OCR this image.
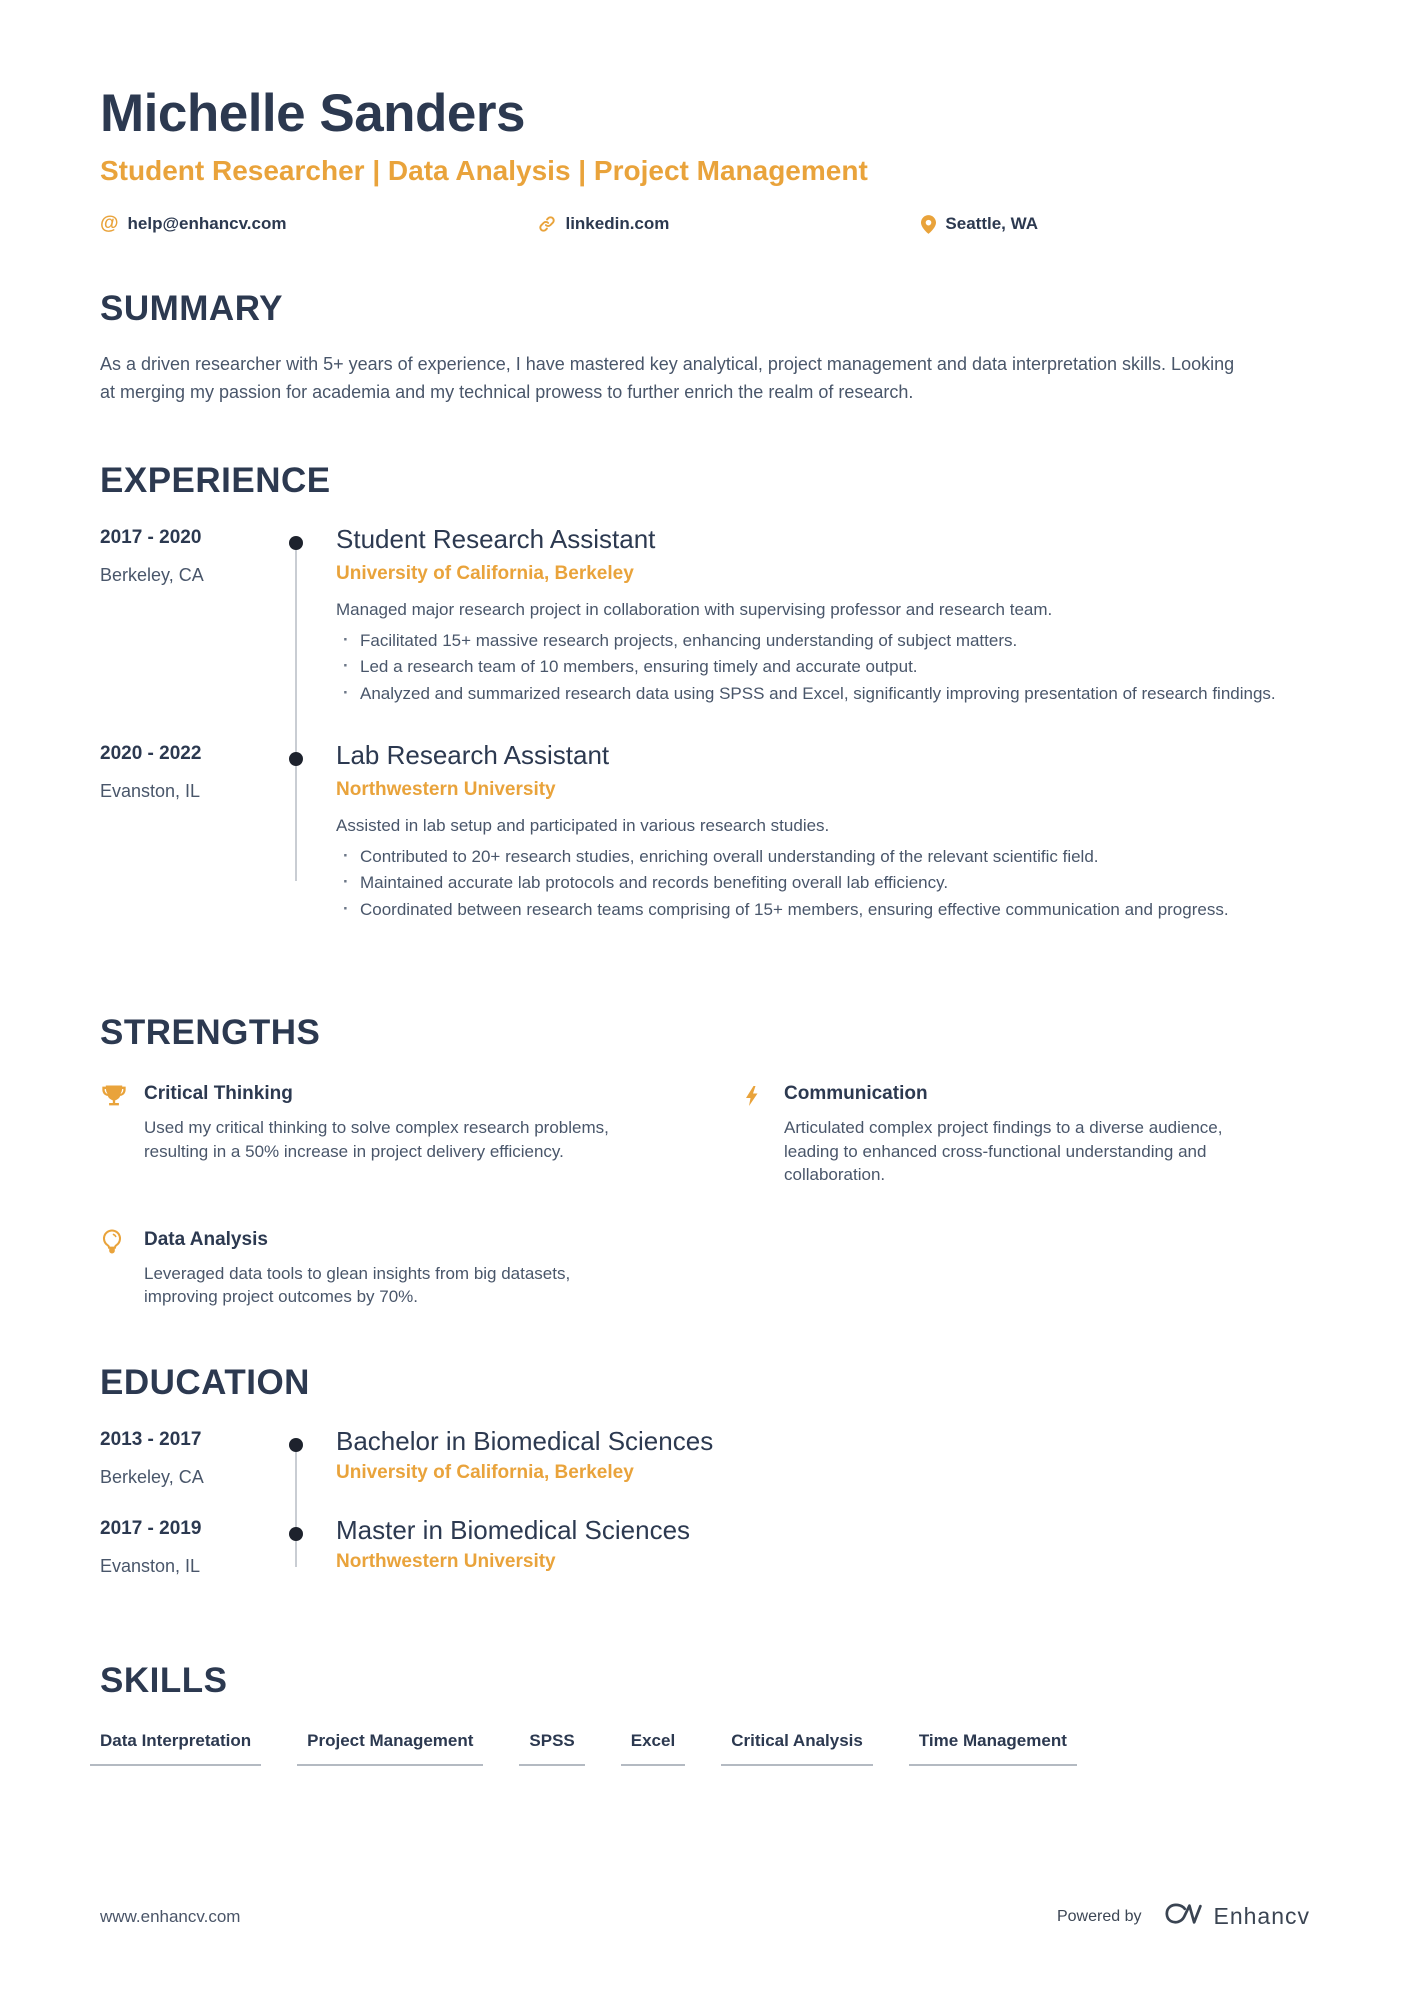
Michelle Sanders
Student Researcher | Data Analysis | Project Management
@ help@enhancv.com	linkedin.com	Seattle, WA
SUMMARY

As a driven researcher with 5+ years of experience, I have mastered key analytical, project management and data interpretation skills. Looking at merging my passion for academia and my technical prowess to further enrich the realm of research.

EXPERIENCE
2017 - 2020
Berkeley, CA
Student Research Assistant
University of California, Berkeley
Managed major research project in collaboration with supervising professor and research team.
· Facilitated 15+ massive research projects, enhancing understanding of subject matters.
· Led a research team of 10 members, ensuring timely and accurate output.
· Analyzed and summarized research data using SPSS and Excel, significantly improving presentation of research findings.
2020 - 2022
Evanston, IL
Lab Research Assistant
Northwestern University
Assisted in lab setup and participated in various research studies.
· Contributed to 20+ research studies, enriching overall understanding of the relevant scientific field.
· Maintained accurate lab protocols and records benefiting overall lab efficiency.
· Coordinated between research teams comprising of 15+ members, ensuring effective communication and progress.
STRENGTHS
Critical Thinking
Used my critical thinking to solve complex research problems, resulting in a 50% increase in project delivery efficiency.
Communication
Articulated complex project findings to a diverse audience, leading to enhanced cross-functional understanding and collaboration.
Data Analysis
Leveraged data tools to glean insights from big datasets, improving project outcomes by 70%.
EDUCATION
2013 - 2017
Berkeley, CA
Bachelor in Biomedical Sciences
University of California, Berkeley
2017 - 2019
Evanston, IL
Master in Biomedical Sciences
Northwestern University
SKILLS
Data Interpretation	Project Management	SPSS	Excel	Critical Analysis	Time Management
www.enhancv.com	Powered by	Enhancv
